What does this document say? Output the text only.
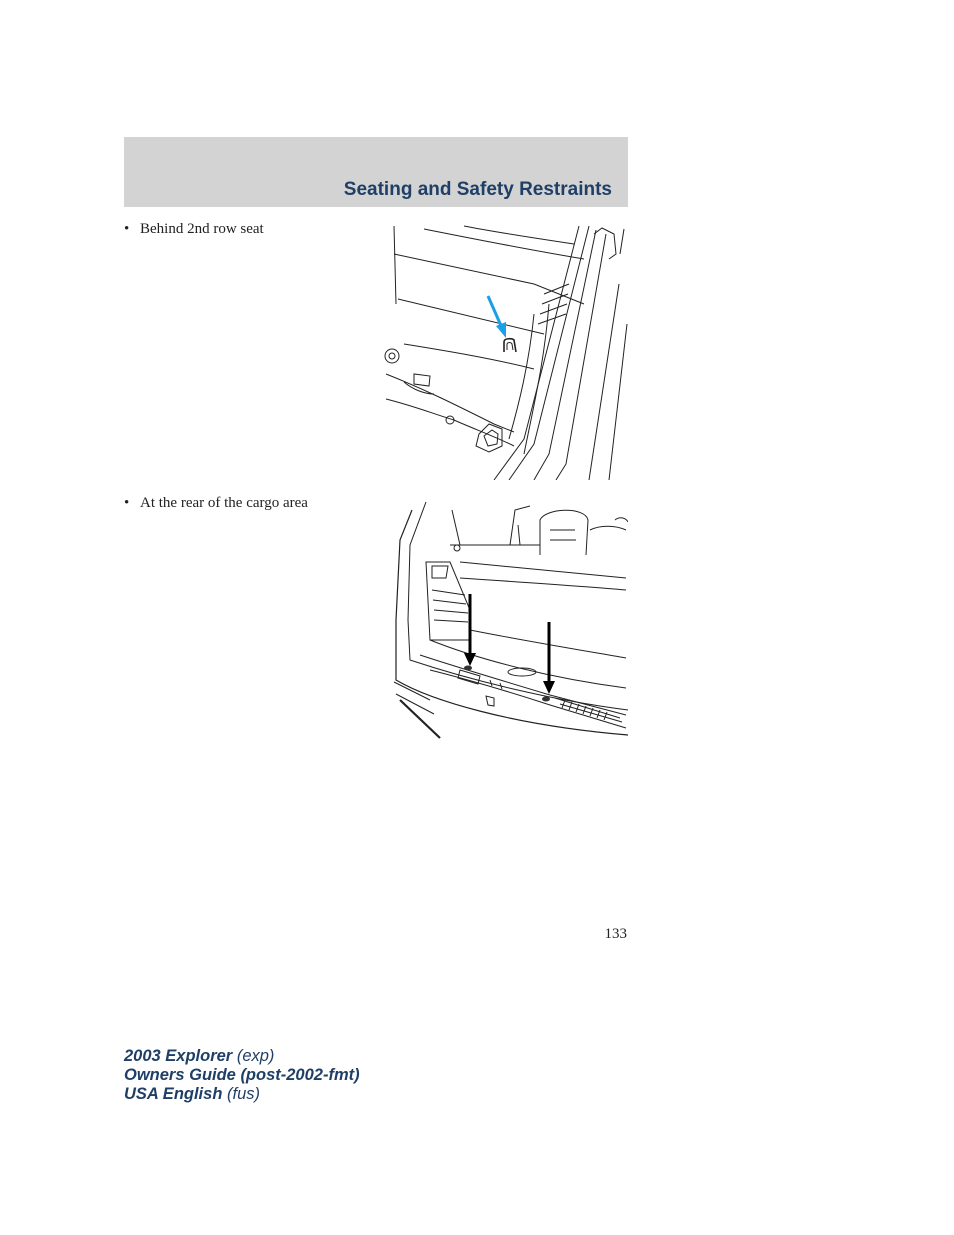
Seating and Safety Restraints
• Behind 2nd row seat
• At the rear of the cargo area
133
2003 Explorer (exp)
Owners Guide (post-2002-fmt)
USA English (fus)
